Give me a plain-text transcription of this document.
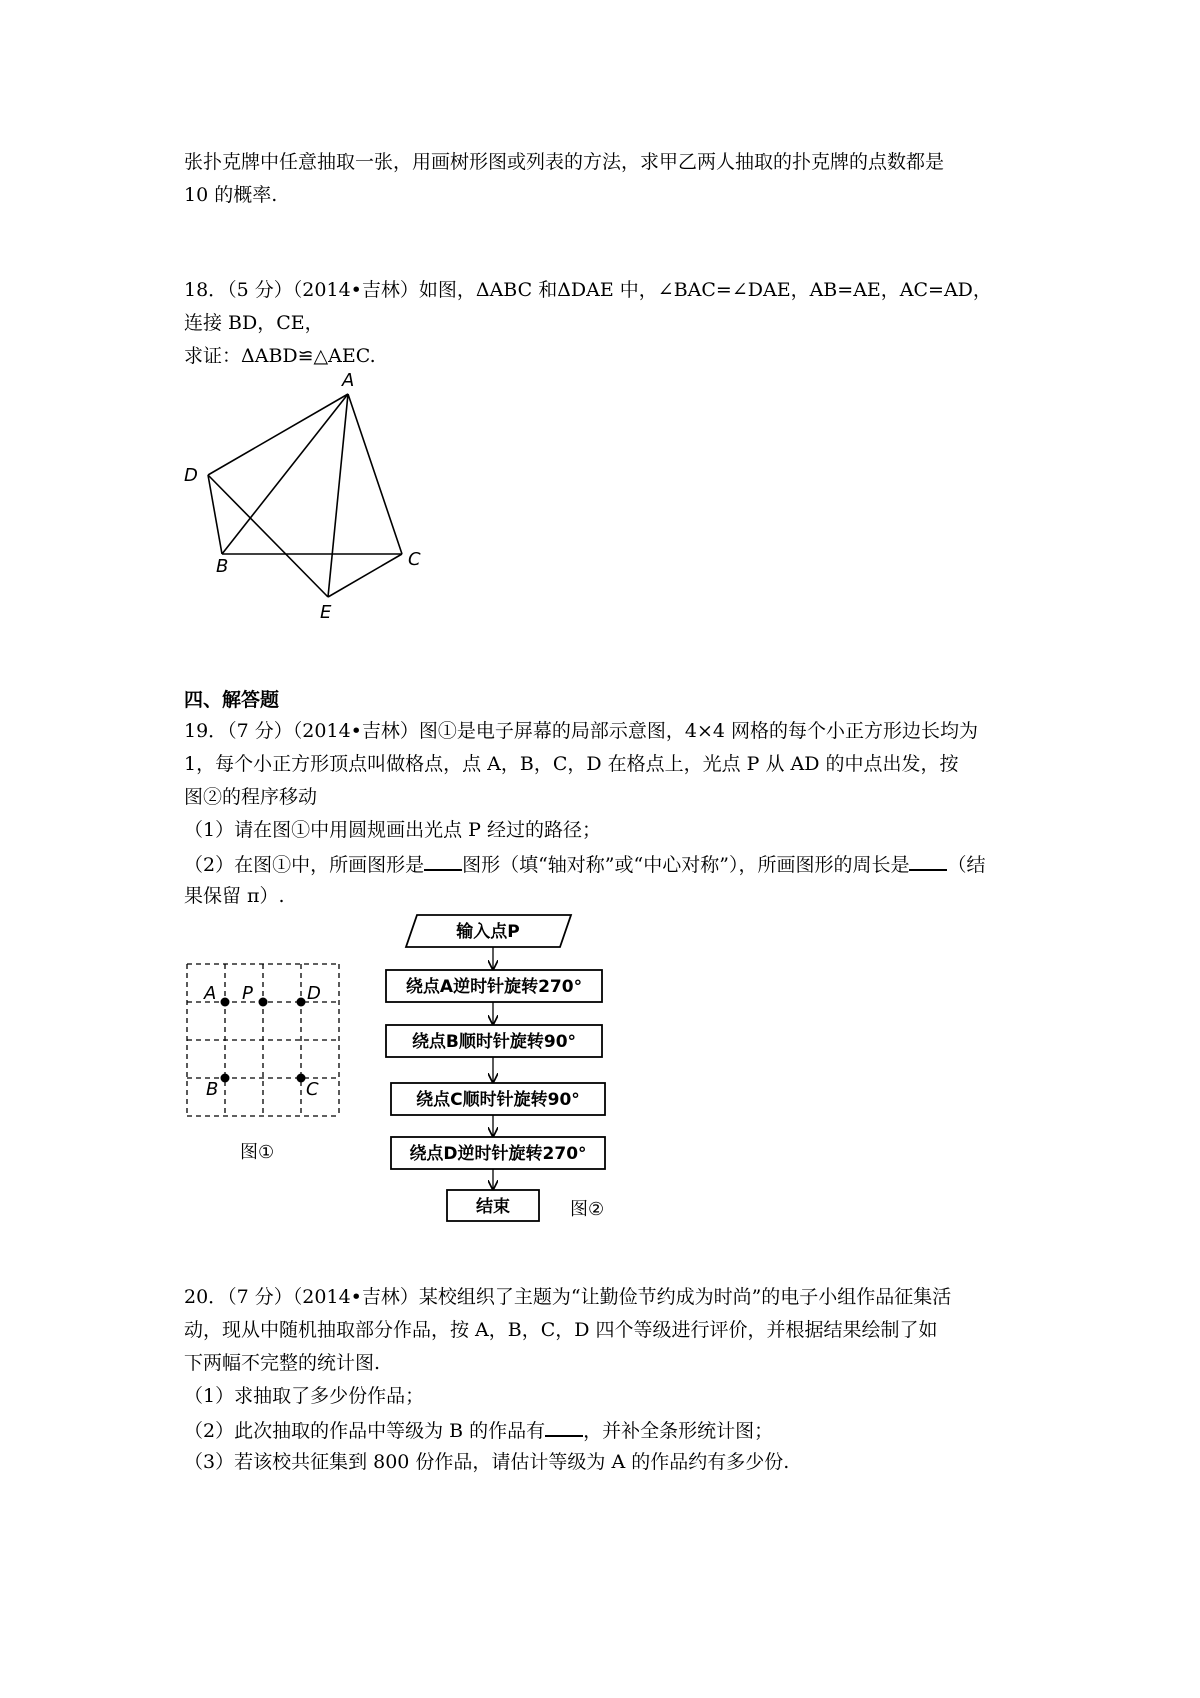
张扑克牌中任意抽取一张，用画树形图或列表的方法，求甲乙两人抽取的扑克牌的点数都是
10 的概率.
18．（5 分）（2014•吉林）如图，ΔABC 和ΔDAE 中，∠BAC=∠DAE，AB=AE，AC=AD，
连接 BD，CE，
求证：ΔABD≌△AEC.
A
D
B	C
E
四、解答题
19．（7 分）（2014•吉林）图①是电子屏幕的局部示意图，4×4 网格的每个小正方形边长均为
1，每个小正方形顶点叫做格点，点 A，B，C，D 在格点上，光点 P 从 AD 的中点出发，按
图②的程序移动
（1）请在图①中用圆规画出光点 P 经过的路径；
（2）在图①中，所画图形是 图形（填“轴对称”或“中心对称”），所画图形的周长是 （结
果保留 π）.
A P	D
B	C
图①
输入点P
绕点A逆时针旋转270°
绕点B顺时针旋转90°
绕点C顺时针旋转90°
绕点D逆时针旋转270°
结束	图②
20．（7 分）（2014•吉林）某校组织了主题为“让勤俭节约成为时尚”的电子小组作品征集活
动，现从中随机抽取部分作品，按 A，B，C，D 四个等级进行评价，并根据结果绘制了如
下两幅不完整的统计图.
（1）求抽取了多少份作品；
（2）此次抽取的作品中等级为 B 的作品有 ，并补全条形统计图；
（3）若该校共征集到 800 份作品，请估计等级为 A 的作品约有多少份.
